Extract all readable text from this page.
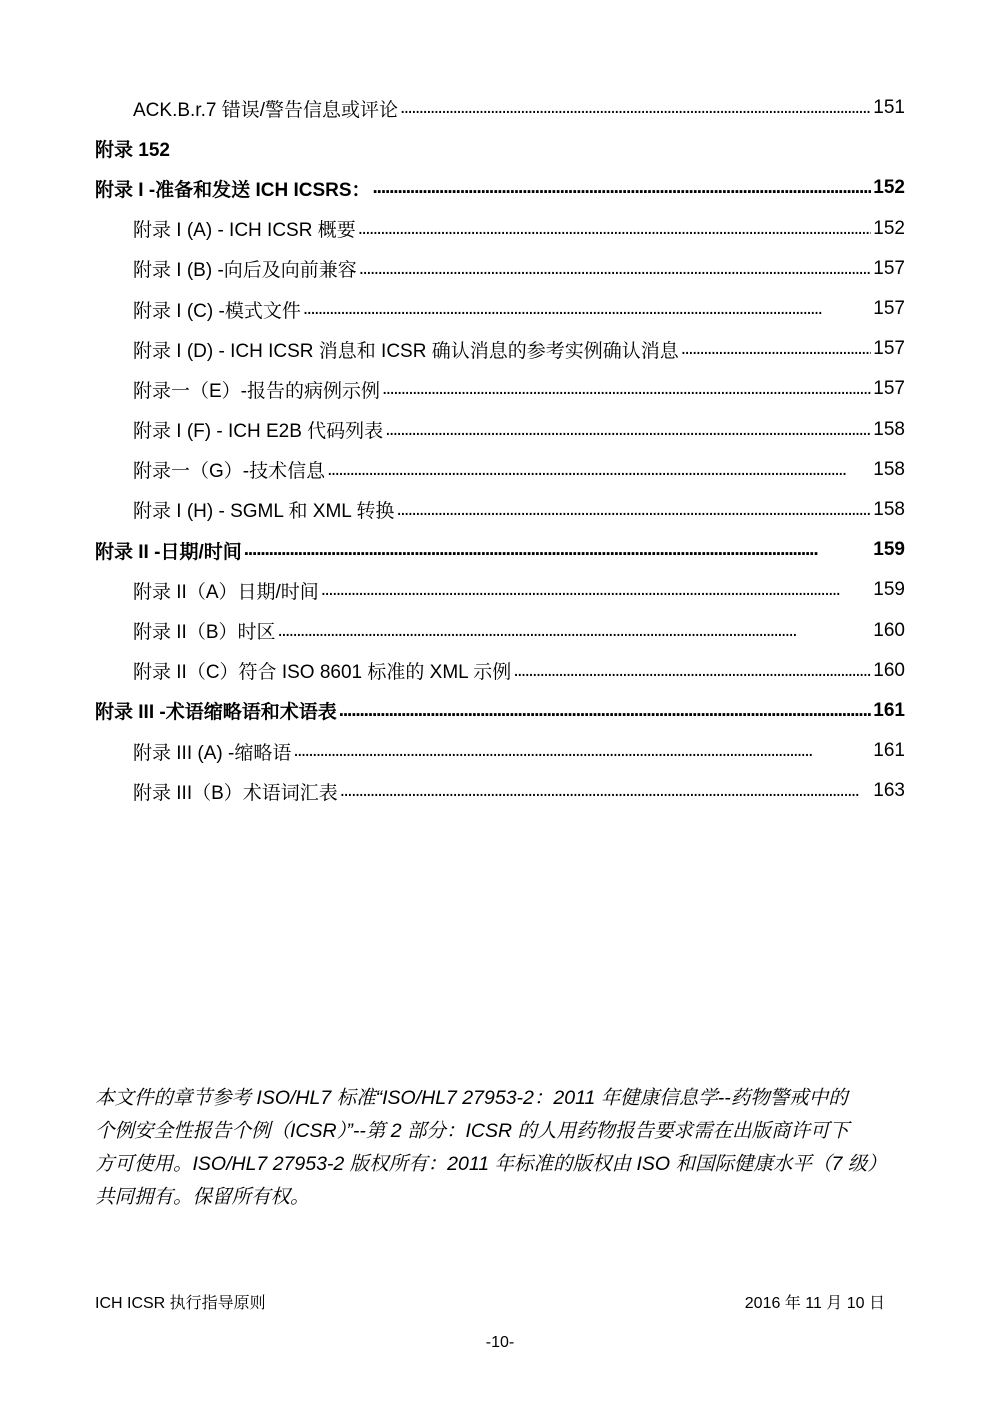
ACK.B.r.7 错误/警告信息或评论 . . .	151
附录 152
附录 I -准备和发送 ICH ICSRS： . . .	152
附录 I (A) - ICH ICSR 概要 . . .	152
附录 I (B) -向后及向前兼容 . . .	157
附录 I (C) -模式文件 . . .	157
附录 I (D) - ICH ICSR 消息和 ICSR 确认消息的参考实例确认消息 . . .	157
附录一（E）-报告的病例示例 . . .	157
附录 I (F) - ICH E2B 代码列表 . . .	158
附录一（G）-技术信息 . . .	158
附录 I (H) - SGML 和 XML 转换 . . .	158
附录 II -日期/时间 . . .	159
附录 II（A）日期/时间 . . .	159
附录 II（B）时区 . . .	160
附录 II（C）符合 ISO 8601 标准的 XML 示例 . . .	160
附录 III -术语缩略语和术语表 . . .	161
附录 III (A) -缩略语 . . .	161
附录 III（B）术语词汇表 . . .	163

本文件的章节参考 ISO/HL7 标准“ISO/HL7 27953-2：2011 年健康信息学--药物警戒中的

个例安全性报告个例（ICSR）”--第 2 部分：ICSR 的人用药物报告要求需在出版商许可下

方可使用。ISO/HL7 27953-2 版权所有：2011 年标准的版权由 ISO 和国际健康水平（7 级）

共同拥有。保留所有权。

ICH ICSR 执行指导原则	2016 年 11 月 10 日
-10-
